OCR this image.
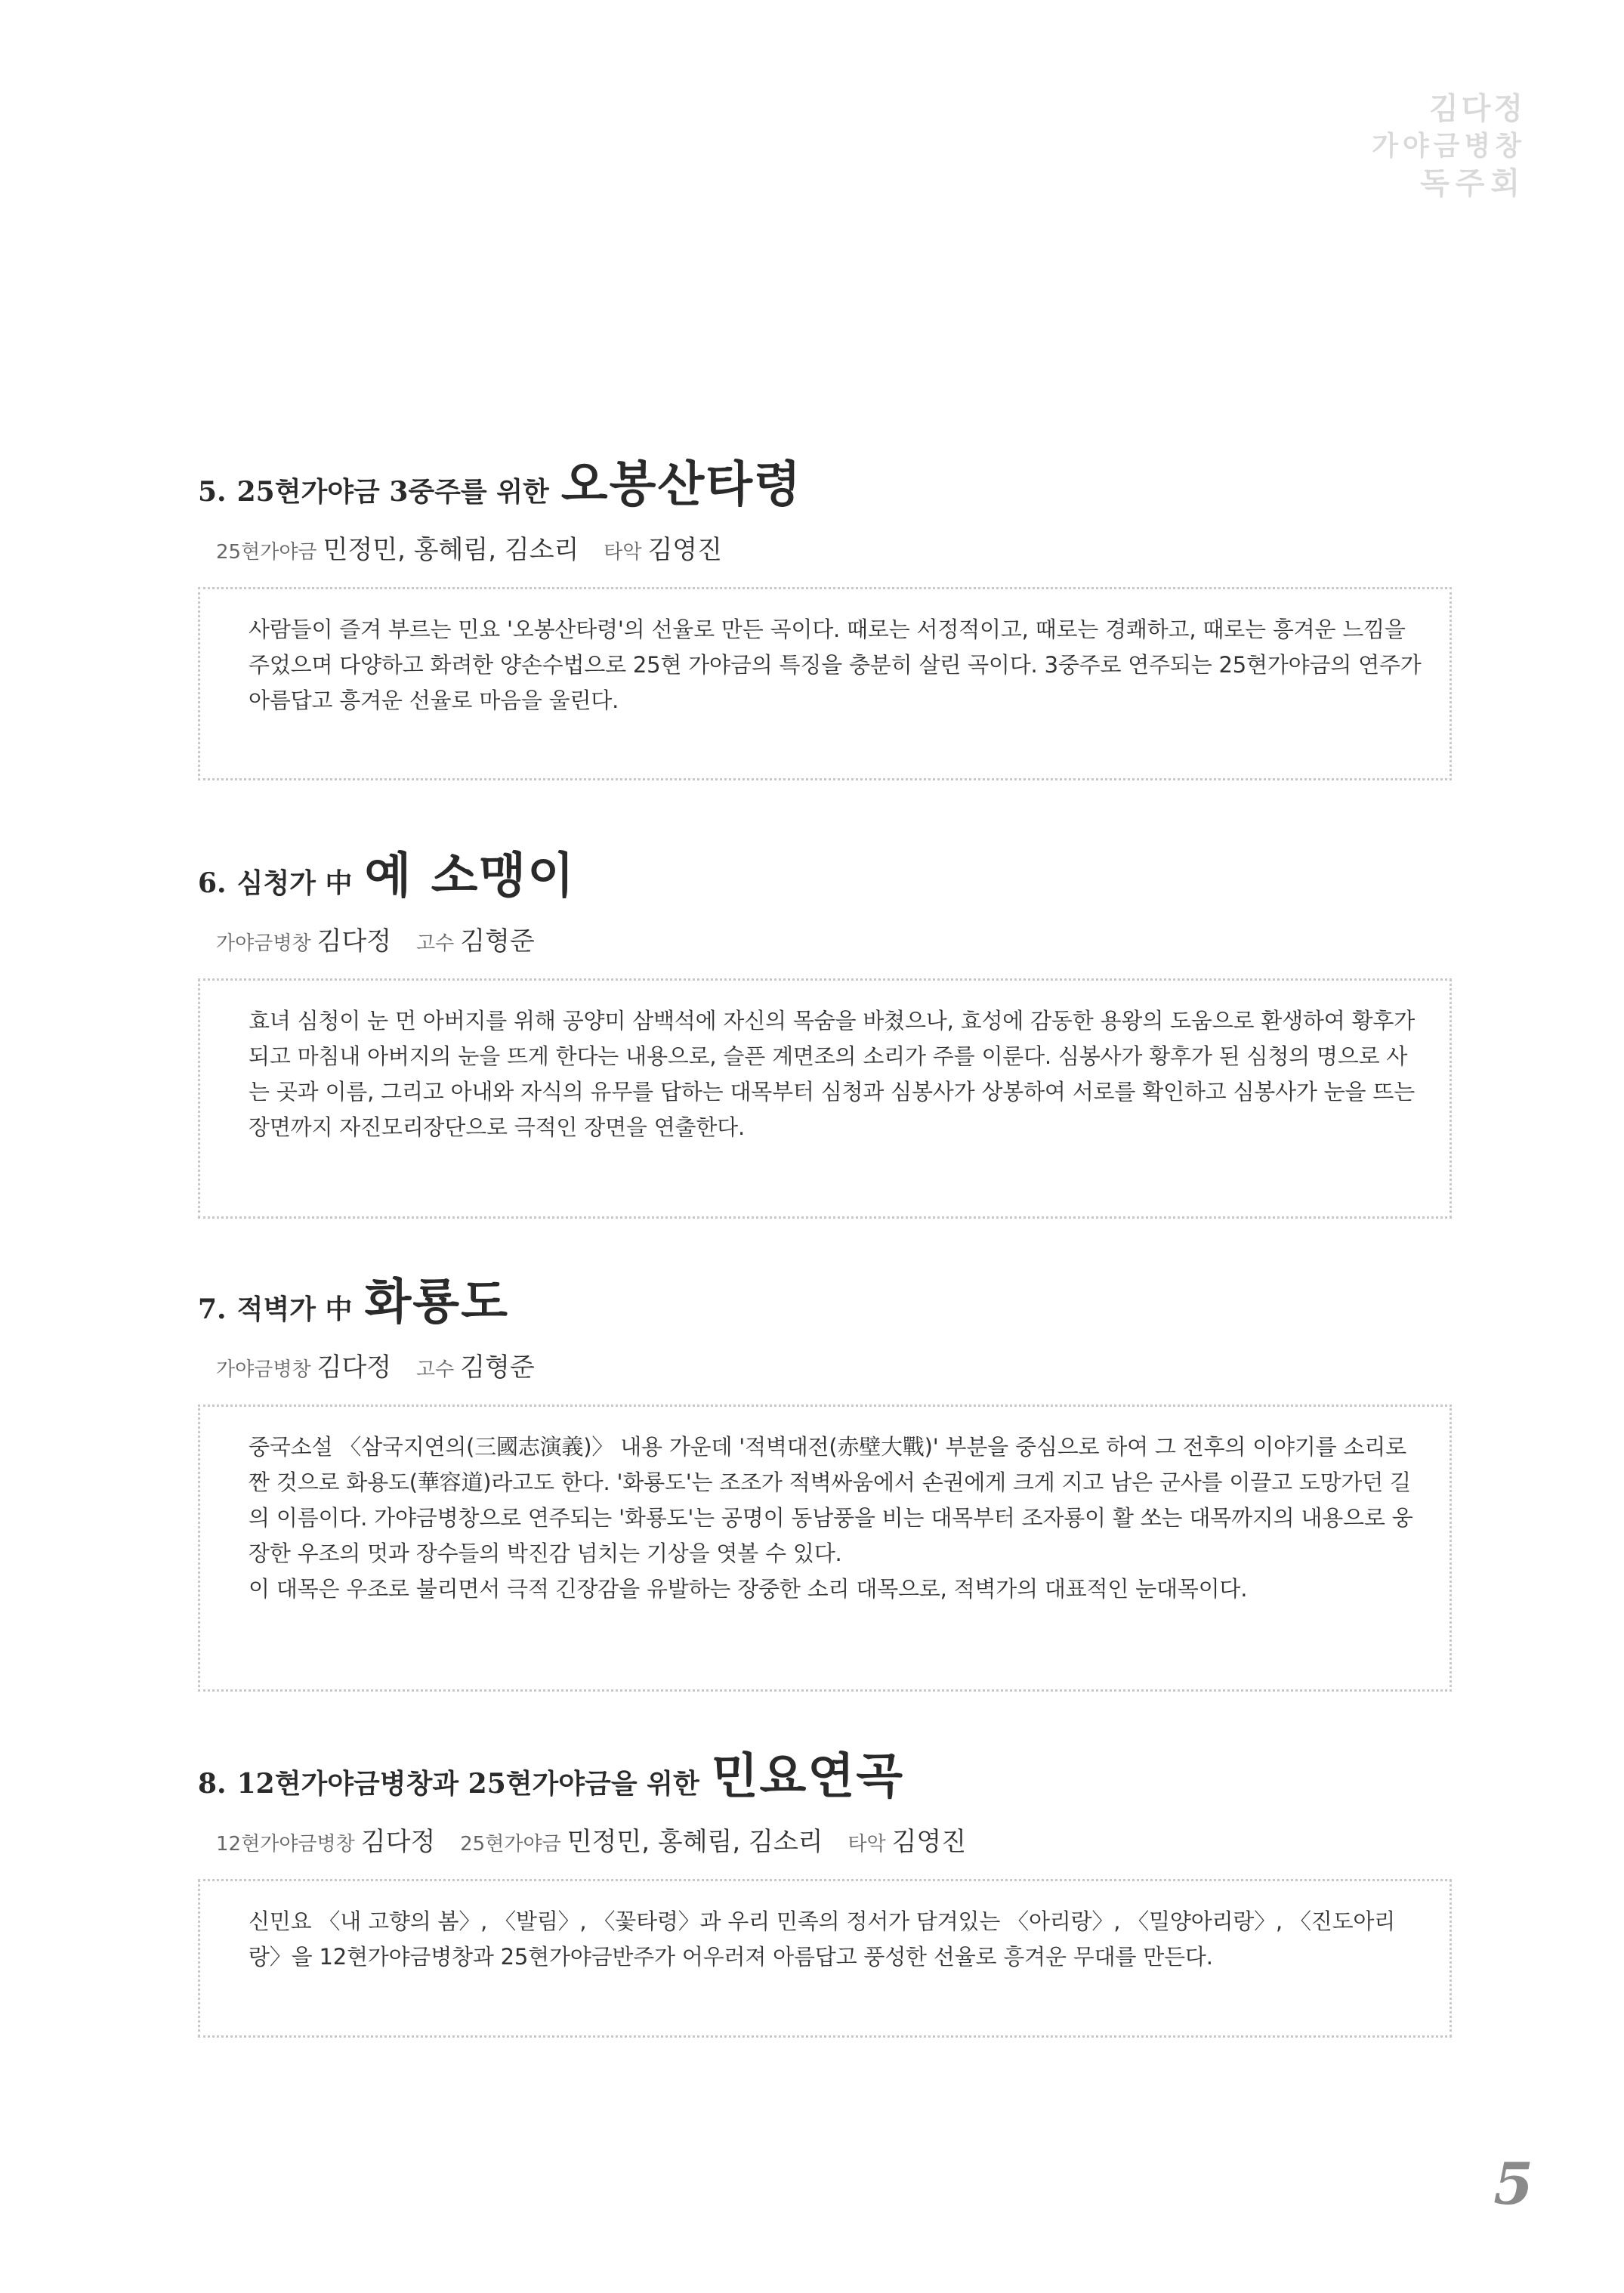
김다정
가야금병창
독주회
5. 25현가야금 3중주를 위한 오봉산타령
25현가야금 민정민, 홍혜림, 김소리 타악 김영진

사람들이 즐겨 부르는 민요 '오봉산타령'의 선율로 만든 곡이다. 때로는 서정적이고, 때로는 경쾌하고, 때로는 흥겨운 느낌을 주었으며 다양하고 화려한 양손수법으로 25현 가야금의 특징을 충분히 살린 곡이다. 3중주로 연주되는 25현가야금의 연주가 아름답고 흥겨운 선율로 마음을 울린다.

6. 심청가 中 예 소맹이
가야금병창 김다정 고수 김형준

효녀 심청이 눈 먼 아버지를 위해 공양미 삼백석에 자신의 목숨을 바쳤으나, 효성에 감동한 용왕의 도움으로 환생하여 황후가 되고 마침내 아버지의 눈을 뜨게 한다는 내용으로, 슬픈 계면조의 소리가 주를 이룬다. 심봉사가 황후가 된 심청의 명으로 사는 곳과 이름, 그리고 아내와 자식의 유무를 답하는 대목부터 심청과 심봉사가 상봉하여 서로를 확인하고 심봉사가 눈을 뜨는 장면까지 자진모리장단으로 극적인 장면을 연출한다.

7. 적벽가 中 화룡도
가야금병창 김다정 고수 김형준

중국소설 〈삼국지연의(三國志演義)〉 내용 가운데 '적벽대전(赤壁大戰)' 부분을 중심으로 하여 그 전후의 이야기를 소리로 짠 것으로 화용도(華容道)라고도 한다. '화룡도'는 조조가 적벽싸움에서 손권에게 크게 지고 남은 군사를 이끌고 도망가던 길의 이름이다. 가야금병창으로 연주되는 '화룡도'는 공명이 동남풍을 비는 대목부터 조자룡이 활 쏘는 대목까지의 내용으로 웅장한 우조의 멋과 장수들의 박진감 넘치는 기상을 엿볼 수 있다.

이 대목은 우조로 불리면서 극적 긴장감을 유발하는 장중한 소리 대목으로, 적벽가의 대표적인 눈대목이다.

8. 12현가야금병창과 25현가야금을 위한 민요연곡
12현가야금병창 김다정 25현가야금 민정민, 홍혜림, 김소리 타악 김영진

신민요 〈내 고향의 봄〉, 〈발림〉, 〈꽃타령〉과 우리 민족의 정서가 담겨있는 〈아리랑〉, 〈밀양아리랑〉, 〈진도아리랑〉을 12현가야금병창과 25현가야금반주가 어우러져 아름답고 풍성한 선율로 흥겨운 무대를 만든다.

5
